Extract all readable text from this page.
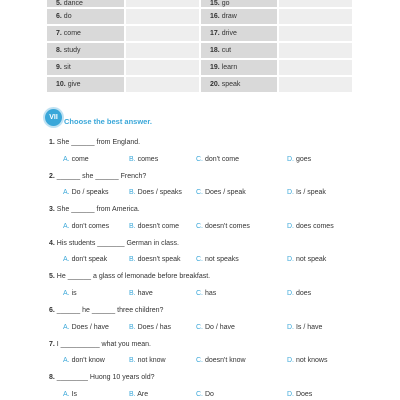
5. dance		15. go	
6. do		16. draw	
7. come		17. drive	
8. study		18. cut	
9. sit		19. learn	
10. give		20. speak	
VII Choose the best answer.
1. She ______ from England.
A. come	B. comes	C. don't come	D. goes
2. ______ she ______ French?
A. Do / speaks	B. Does / speaks C. Does / speak	D. Is / speak
3. She ______ from America.
A. don't comes	B. doesn't come C. doesn't comes	D. does comes
4. His students _______ German in class.
A. don't speak	B. doesn't speak C. not speaks	D. not speak
5. He ______ a glass of lemonade before breakfast.
A. is	B. have	C. has	D. does
6. ______ he ______ three children?
A. Does / have	B. Does / has	C. Do / have	D. Is / have
7. I __________ what you mean.
A. don't know	B. not know	C. doesn't know	D. not knows
8. ________ Huong 10 years old?
A. Is	B. Are	C. Do	D. Does
